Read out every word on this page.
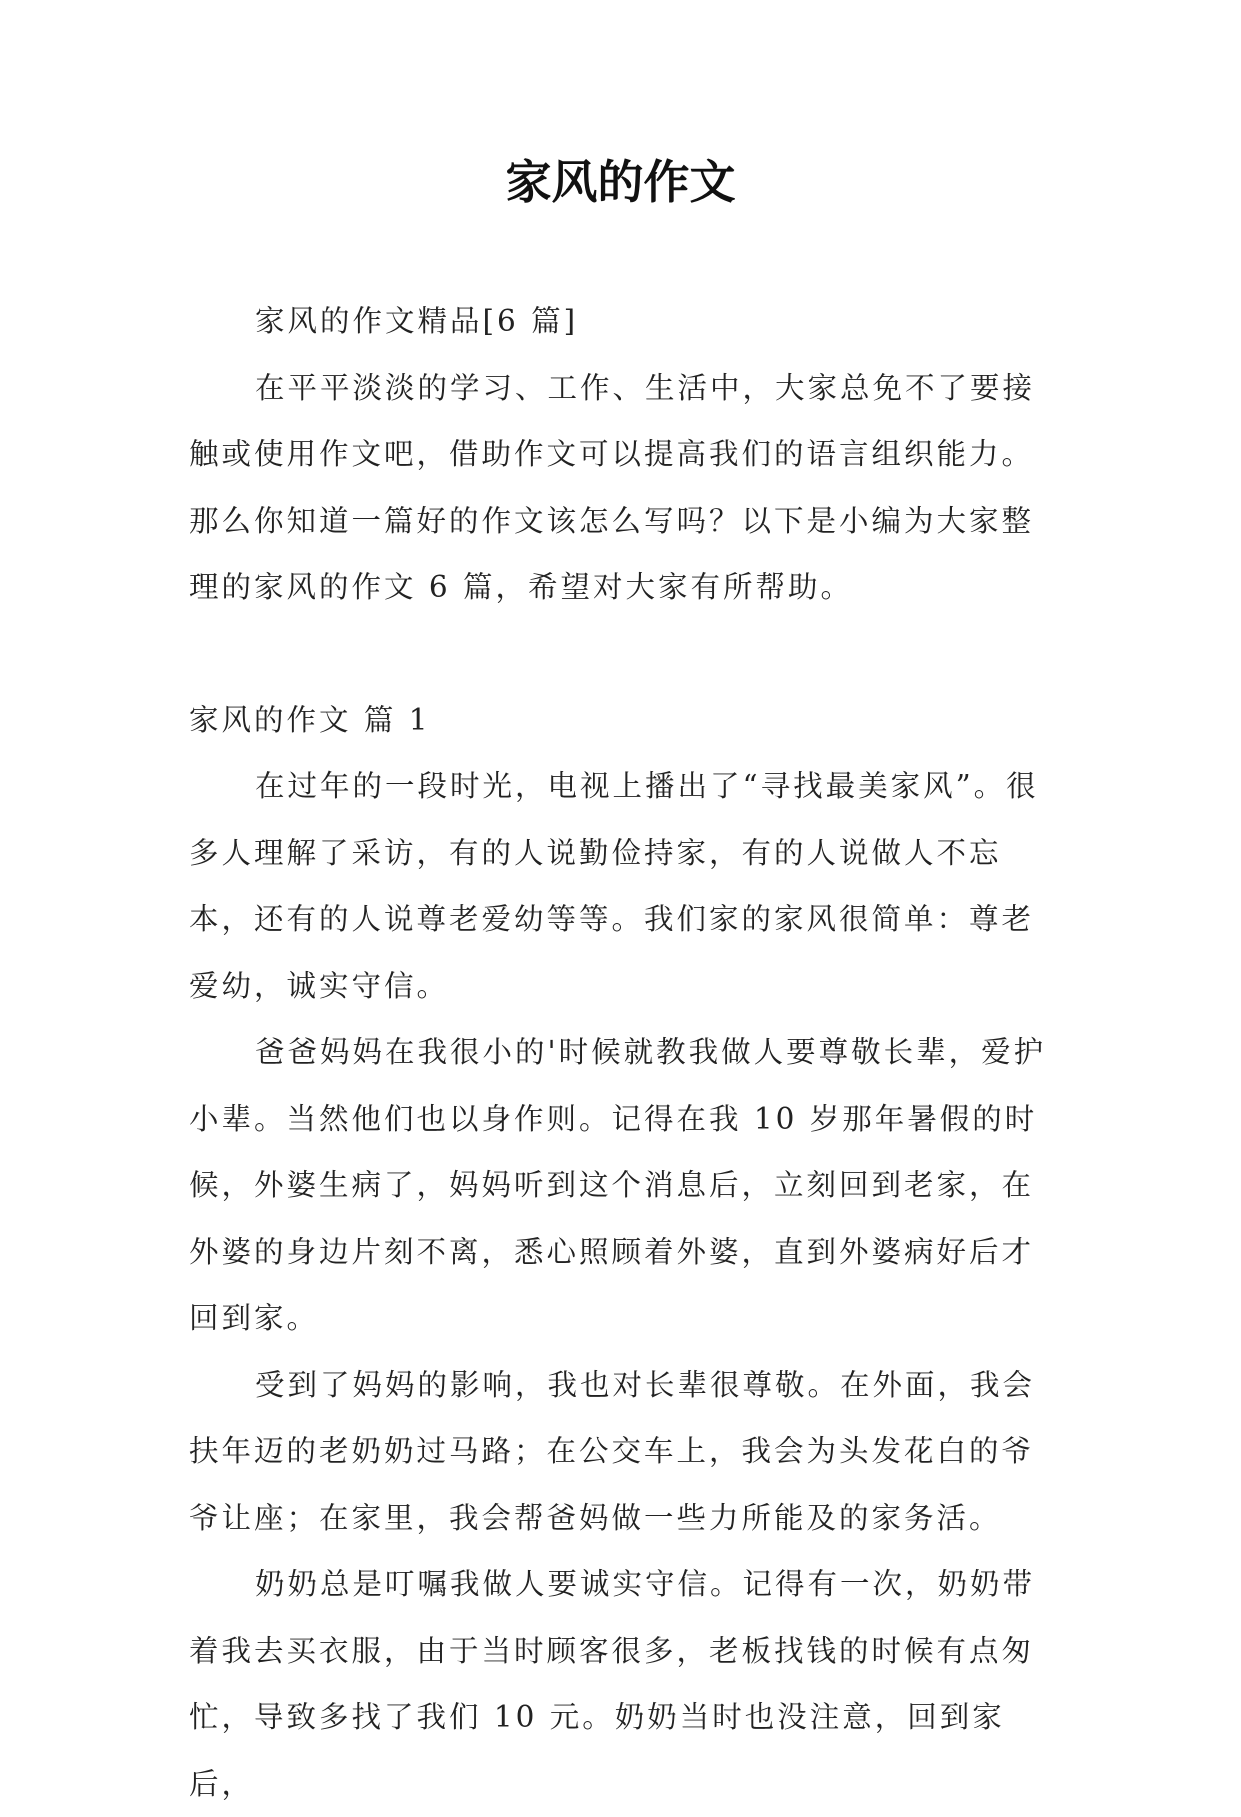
家风的作文

家风的作文精品[6 篇]

在平平淡淡的学习、工作、生活中，大家总免不了要接触或使用作文吧，借助作文可以提高我们的语言组织能力。那么你知道一篇好的作文该怎么写吗？以下是小编为大家整理的家风的作文 6 篇，希望对大家有所帮助。

家风的作文 篇 1

在过年的一段时光，电视上播出了“寻找最美家风”。很多人理解了采访，有的人说勤俭持家，有的人说做人不忘本，还有的人说尊老爱幼等等。我们家的家风很简单：尊老爱幼，诚实守信。

爸爸妈妈在我很小的'时候就教我做人要尊敬长辈，爱护小辈。当然他们也以身作则。记得在我 10 岁那年暑假的时候，外婆生病了，妈妈听到这个消息后，立刻回到老家，在外婆的身边片刻不离，悉心照顾着外婆，直到外婆病好后才回到家。

受到了妈妈的影响，我也对长辈很尊敬。在外面，我会扶年迈的老奶奶过马路；在公交车上，我会为头发花白的爷爷让座；在家里，我会帮爸妈做一些力所能及的家务活。

奶奶总是叮嘱我做人要诚实守信。记得有一次，奶奶带着我去买衣服，由于当时顾客很多，老板找钱的时候有点匆忙，导致多找了我们 10 元。奶奶当时也没注意，回到家后，
